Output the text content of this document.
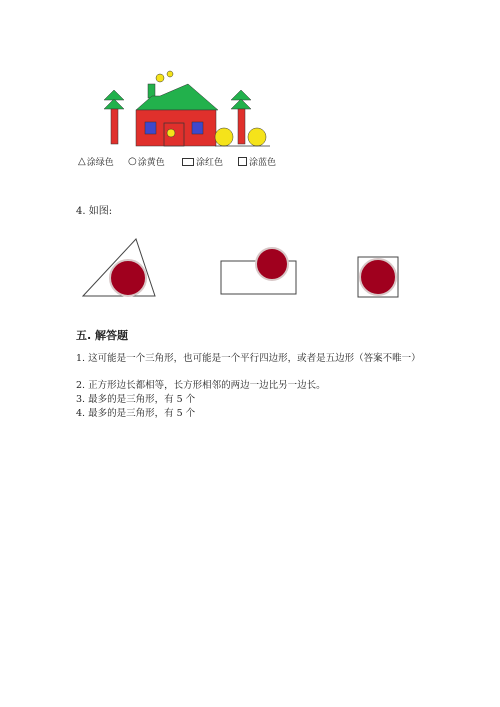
△ 涂绿色 ○ 涂黄色	涂红色	涂蓝色
4. 如图:
五. 解答题
1. 这可能是一个三角形，也可能是一个平行四边形，或者是五边形（答案不唯一）
2. 正方形边长都相等，长方形相邻的两边一边比另一边长。
3. 最多的是三角形，有 5 个
4. 最多的是三角形，有 5 个
